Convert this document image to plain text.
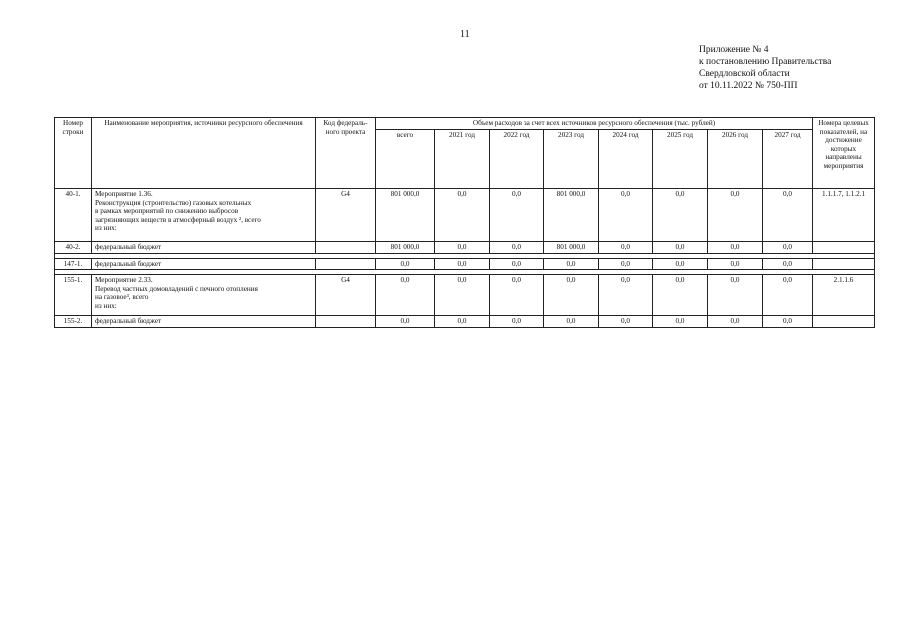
11
Приложение № 4
к постановлению Правительства
Свердловской области
от 10.11.2022 № 750-ПП
Номер строки	Наименование мероприятия, источники ресурсного обеспечения	Код федераль-ного проекта	Объем расходов за счет всех источников ресурсного обеспечения (тыс. рублей)								Номера целевых показателей, на достижение которых направлены мероприятия
			всего	2021 год	2022 год	2023 год	2024 год	2025 год	2026 год	2027 год	
40-1.	Мероприятие 1.36.
Реконструкция (строительство) газовых котельных
в рамках мероприятий по снижению выбросов
загрязняющих веществ в атмосферный воздух ², всего
из них:	G4	801 000,0	0,0	0,0	801 000,0	0,0	0,0	0,0	0,0	1.1.1.7, 1.1.2.1
40-2.	федеральный бюджет		801 000,0	0,0	0,0	801 000,0	0,0	0,0	0,0	0,0	

147-1.	федеральный бюджет		0,0	0,0	0,0	0,0	0,0	0,0	0,0	0,0	

155-1.	Мероприятие 2.33.
Перевод частных домовладений с печного отопления
на газовое³, всего
из них:	G4	0,0	0,0	0,0	0,0	0,0	0,0	0,0	0,0	2.1.1.6
155-2.	федеральный бюджет		0,0	0,0	0,0	0,0	0,0	0,0	0,0	0,0	
